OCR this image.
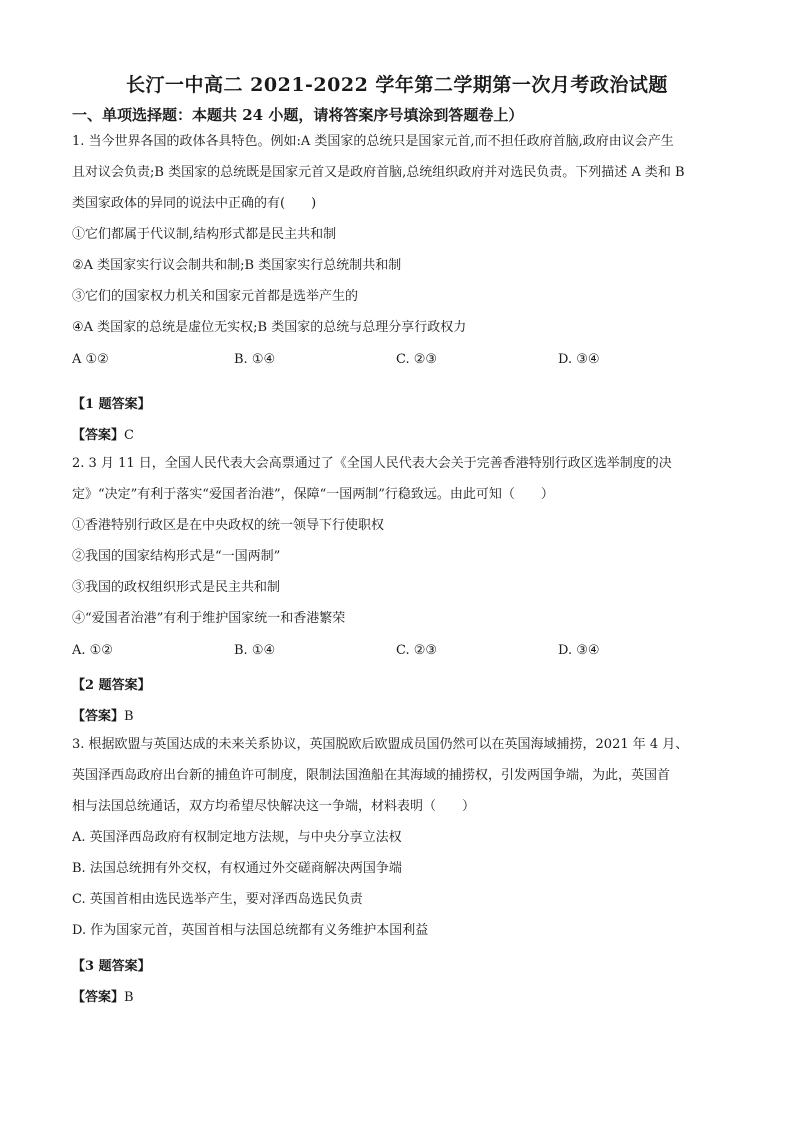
长汀一中高二 2021-2022 学年第二学期第一次月考政治试题
一、单项选择题：本题共 24 小题，请将答案序号填涂到答题卷上）
1. 当今世界各国的政体各具特色。例如:A 类国家的总统只是国家元首,而不担任政府首脑,政府由议会产生
且对议会负责;B 类国家的总统既是国家元首又是政府首脑,总统组织政府并对选民负责。下列描述 A 类和 B
类国家政体的异同的说法中正确的有(　　)
①它们都属于代议制,结构形式都是民主共和制
②A 类国家实行议会制共和制;B 类国家实行总统制共和制
③它们的国家权力机关和国家元首都是选举产生的
④A 类国家的总统是虚位无实权;B 类国家的总统与总理分享行政权力
A ①②	B. ①④	C. ②③	D. ③④
【1 题答案】
【答案】C
2. 3 月 11 日，全国人民代表大会高票通过了《全国人民代表大会关于完善香港特别行政区选举制度的决
定》“决定”有利于落实“爱国者治港”，保障“一国两制”行稳致远。由此可知（　　）
①香港特别行政区是在中央政权的统一领导下行使职权
②我国的国家结构形式是“一国两制”
③我国的政权组织形式是民主共和制
④“爱国者治港”有利于维护国家统一和香港繁荣
A. ①②	B. ①④	C. ②③	D. ③④
【2 题答案】
【答案】B
3. 根据欧盟与英国达成的未来关系协议，英国脱欧后欧盟成员国仍然可以在英国海域捕捞，2021 年 4 月、
英国泽西岛政府出台新的捕鱼许可制度，限制法国渔船在其海域的捕捞权，引发两国争端，为此，英国首
相与法国总统通话，双方均希望尽快解决这一争端，材料表明（　　）
A. 英国泽西岛政府有权制定地方法规，与中央分享立法权
B. 法国总统拥有外交权，有权通过外交磋商解决两国争端
C. 英国首相由选民选举产生，要对泽西岛选民负责
D. 作为国家元首，英国首相与法国总统都有义务维护本国利益
【3 题答案】
【答案】B
